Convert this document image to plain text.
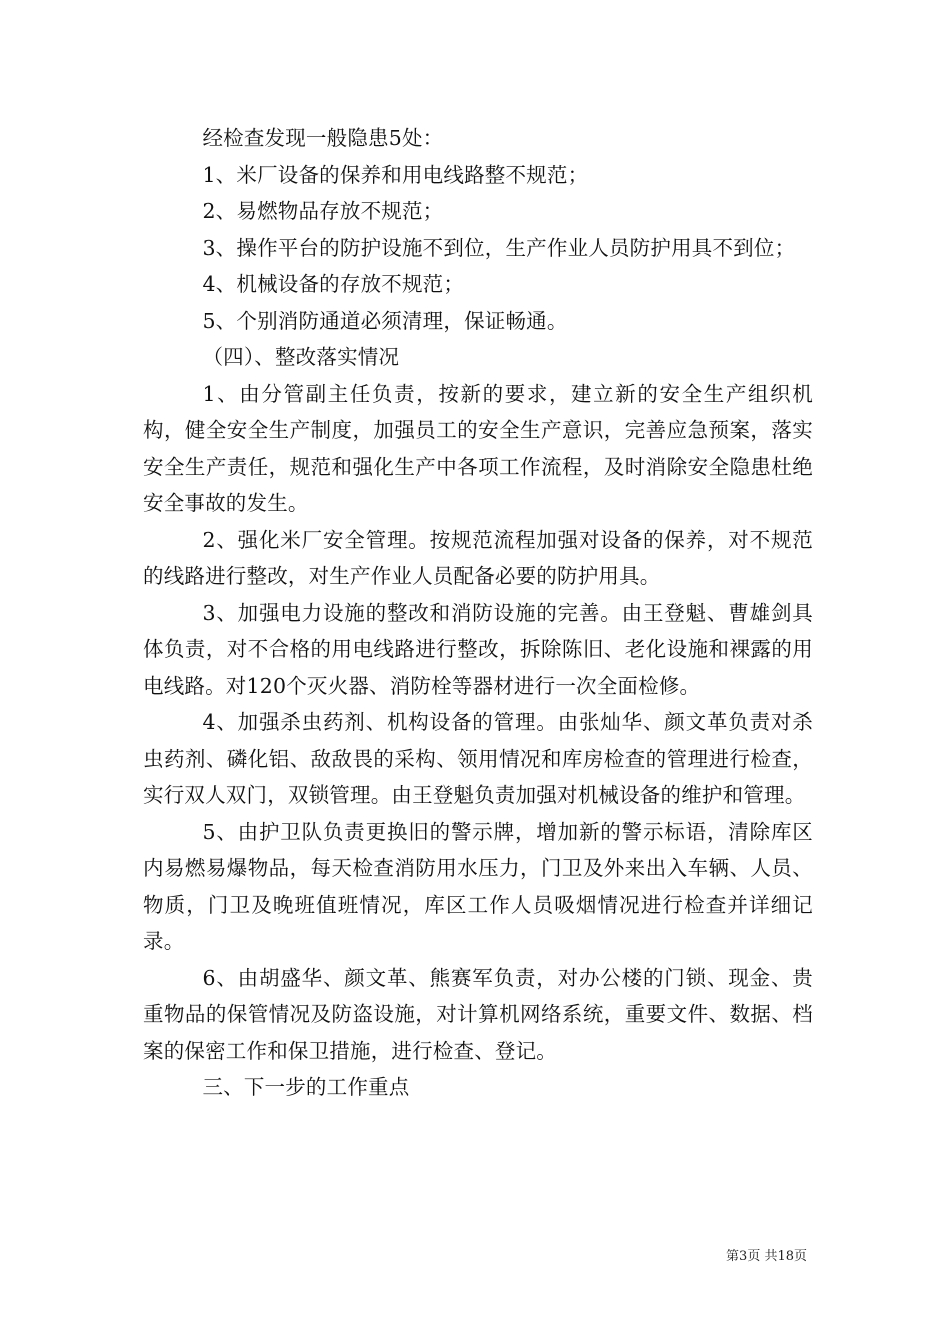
经检查发现一般隐患5处：

1、米厂设备的保养和用电线路整不规范；

2、易燃物品存放不规范；

3、操作平台的防护设施不到位，生产作业人员防护用具不到位；

4、机械设备的存放不规范；

5、个别消防通道必须清理，保证畅通。

（四）、整改落实情况

1、由分管副主任负责，按新的要求，建立新的安全生产组织机构，健全安全生产制度，加强员工的安全生产意识，完善应急预案，落实安全生产责任，规范和强化生产中各项工作流程，及时消除安全隐患杜绝安全事故的发生。

2、强化米厂安全管理。按规范流程加强对设备的保养，对不规范的线路进行整改，对生产作业人员配备必要的防护用具。

3、加强电力设施的整改和消防设施的完善。由王登魁、曹雄剑具体负责，对不合格的用电线路进行整改，拆除陈旧、老化设施和裸露的用电线路。对120个灭火器、消防栓等器材进行一次全面检修。

4、加强杀虫药剂、机构设备的管理。由张灿华、颜文革负责对杀虫药剂、磷化铝、敌敌畏的采构、领用情况和库房检查的管理进行检查，实行双人双门，双锁管理。由王登魁负责加强对机械设备的维护和管理。

5、由护卫队负责更换旧的警示牌，增加新的警示标语，清除库区内易燃易爆物品，每天检查消防用水压力，门卫及外来出入车辆、人员、物质，门卫及晚班值班情况，库区工作人员吸烟情况进行检查并详细记录。

6、由胡盛华、颜文革、熊赛军负责，对办公楼的门锁、现金、贵重物品的保管情况及防盗设施，对计算机网络系统，重要文件、数据、档案的保密工作和保卫措施，进行检查、登记。

三、下一步的工作重点

第3页 共18页
